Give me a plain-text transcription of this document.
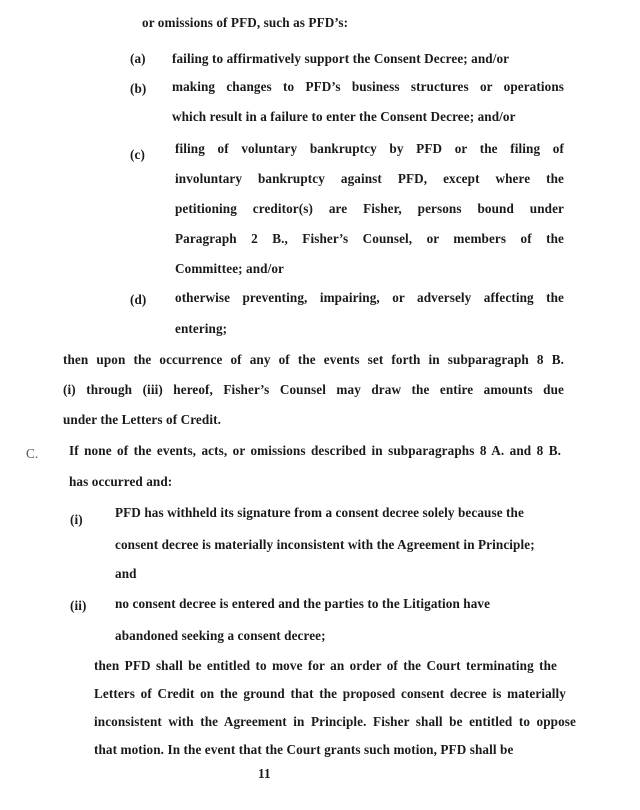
or omissions of PFD, such as PFD’s:
(a) failing to affirmatively support the Consent Decree; and/or
(b) making changes to PFD’s business structures or operations
which result in a failure to enter the Consent Decree; and/or
(c) filing of voluntary bankruptcy by PFD or the filing of
involuntary bankruptcy against PFD, except where the
petitioning creditor(s) are Fisher, persons bound under
Paragraph 2 B., Fisher’s Counsel, or members of the
Committee; and/or
(d) otherwise preventing, impairing, or adversely affecting the
entering;
then upon the occurrence of any of the events set forth in subparagraph 8 B.
(i) through (iii) hereof, Fisher’s Counsel may draw the entire amounts due
under the Letters of Credit.
C. If none of the events, acts, or omissions described in subparagraphs 8 A. and 8 B.
has occurred and:
(i) PFD has withheld its signature from a consent decree solely because the
consent decree is materially inconsistent with the Agreement in Principle;
and
(ii) no consent decree is entered and the parties to the Litigation have
abandoned seeking a consent decree;
then PFD shall be entitled to move for an order of the Court terminating the
Letters of Credit on the ground that the proposed consent decree is materially
inconsistent with the Agreement in Principle. Fisher shall be entitled to oppose
that motion. In the event that the Court grants such motion, PFD shall be
11
